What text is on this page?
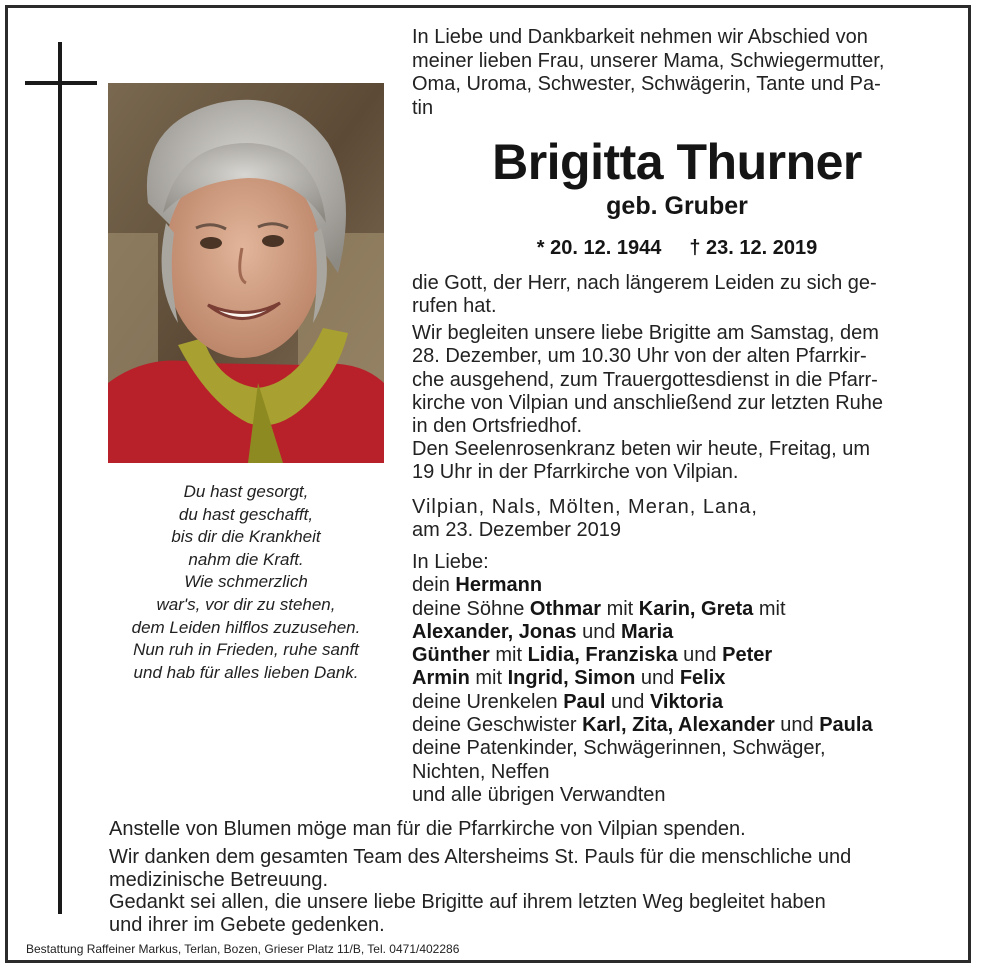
Du hast gesorgt,
du hast geschafft,
bis dir die Krankheit
nahm die Kraft.
Wie schmerzlich
war's, vor dir zu stehen,
dem Leiden hilflos zuzusehen.
Nun ruh in Frieden, ruhe sanft
und hab für alles lieben Dank.
In Liebe und Dankbarkeit nehmen wir Abschied von
meiner lieben Frau, unserer Mama, Schwiegermutter,
Oma, Uroma, Schwester, Schwägerin, Tante und Pa-
tin
Brigitta Thurner
geb. Gruber
* 20. 12. 1944 † 23. 12. 2019
die Gott, der Herr, nach längerem Leiden zu sich ge-
rufen hat.
Wir begleiten unsere liebe Brigitte am Samstag, dem
28. Dezember, um 10.30 Uhr von der alten Pfarrkir-
che ausgehend, zum Trauergottesdienst in die Pfarr-
kirche von Vilpian und anschließend zur letzten Ruhe
in den Ortsfriedhof.
Den Seelenrosenkranz beten wir heute, Freitag, um
19 Uhr in der Pfarrkirche von Vilpian.
Vilpian, Nals, Mölten, Meran, Lana,
am 23. Dezember 2019
In Liebe:
dein Hermann
deine Söhne Othmar mit Karin, Greta mit
Alexander, Jonas und Maria
Günther mit Lidia, Franziska und Peter
Armin mit Ingrid, Simon und Felix
deine Urenkelen Paul und Viktoria
deine Geschwister Karl, Zita, Alexander und Paula
deine Patenkinder, Schwägerinnen, Schwäger,
Nichten, Neffen
und alle übrigen Verwandten
Anstelle von Blumen möge man für die Pfarrkirche von Vilpian spenden.
Wir danken dem gesamten Team des Altersheims St. Pauls für die menschliche und
medizinische Betreuung.
Gedankt sei allen, die unsere liebe Brigitte auf ihrem letzten Weg begleitet haben
und ihrer im Gebete gedenken.
Bestattung Raffeiner Markus, Terlan, Bozen, Grieser Platz 11/B, Tel. 0471/402286
